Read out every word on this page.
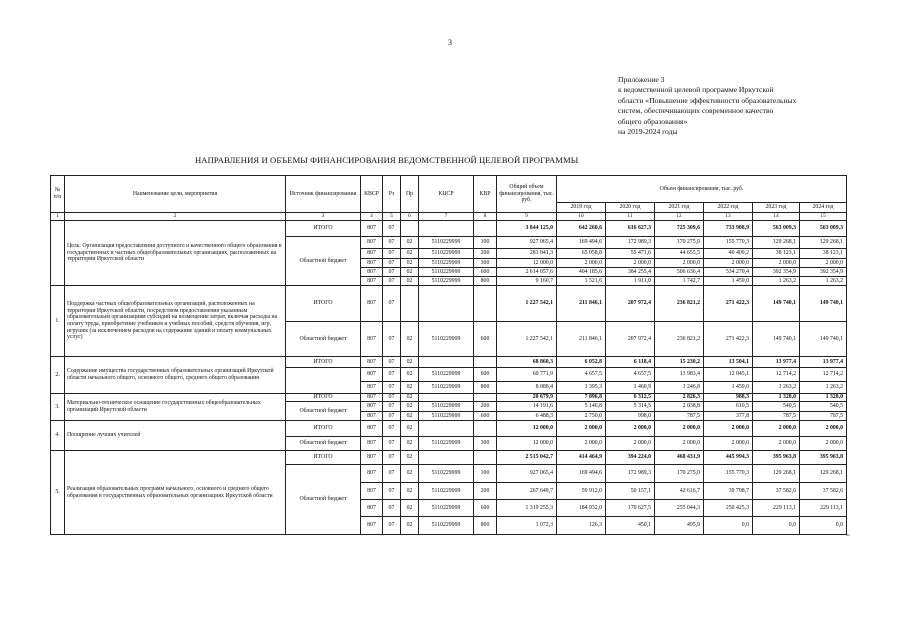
3
Приложение 3
к ведомственной целевой программе Иркутской
области «Повышение эффективности образовательных
систем, обеспечивающих современное качество
общего образования»
на 2019-2024 годы
НАПРАВЛЕНИЯ И ОБЪЕМЫ ФИНАНСИРОВАНИЯ ВЕДОМСТВЕННОЙ ЦЕЛЕВОЙ ПРОГРАММЫ
№ п/п	Наименование цели, мероприятия	Источник финансирования	КВСР	Рз	Пр	КЦСР	КВР	Общий объем финансирования, тыс. руб.	Объем финансирования, тыс. руб.					
									2019 год	2020 год	2021 год	2022 год	2023 год	2024 год
1	2	3	4	5	6	7	8	9	10	11	12	13	14	15
	Цель: Организация предоставления доступного и качественного общего образования в государственных и частных общеобразовательных организациях, расположенных на территории Иркутской области	ИТОГО	807	07				3 844 125,0	642 260,6	616 627,3	725 309,6	733 908,9	563 009,3	563 009,3
		Областной бюджет	807	07	02	5110229999	100	927 065,4	169 494,6	172 989,3	170 275,0	155 770,3	129 268,1	129 268,1
			807	07	02	5110229999	200	281 841,3	65 058,8	55 471,6	44 655,5	40 409,2	38 123,1	38 123,1
			807	07	02	5110229999	300	12 000,0	2 000,0	2 000,0	2 000,0	2 000,0	2 000,0	2 000,0
			807	07	02	5110229999	600	2 614 057,6	404 185,6	384 255,4	506 636,4	534 270,4	392 354,9	392 354,9
			807	07	02	5110229999	800	9 160,7	1 521,6	1 911,0	1 742,7	1 459,0	1 263,2	1 263,2
1.	Поддержка частных общеобразовательных организаций, расположенных на территории Иркутской области, посредством предоставления указанным образовательным организациям субсидий на возмещение затрат, включая расходы на оплату труда, приобретение учебников и учебных пособий, средств обучения, игр, игрушек (за исключением расходов на содержание зданий и оплату коммунальных услуг)	ИТОГО	807	07				1 227 542,1	211 846,1	207 972,4	236 821,2	271 422,3	149 740,1	149 740,1
		Областной бюджет	807	07	02	5110229999	600	1 227 542,1	211 846,1	207 972,4	236 821,2	271 422,3	149 740,1	149 740,1
2.	Содержание имущества государственных образовательных организаций Иркутской области начального общего, основного общего, среднего общего образования	ИТОГО	807	07	02			68 860,3	6 052,8	6 118,4	15 230,2	13 504,1	13 977,4	13 977,4
			807	07	02	5110229999	600	60 771,9	4 657,5	4 657,5	13 983,4	12 045,1	12 714,2	12 714,2
			807	07	02	5110229999	800	8 088,4	1 395,3	1 460,9	1 246,8	1 459,0	1 263,2	1 263,2
3.	Материально-техническое оснащение государственных общеобразовательных организаций Иркутской области	ИТОГО	807	07	02			20 679,9	7 896,8	6 312,5	2 826,3	988,3	1 328,0	1 328,0
		Областной бюджет	807	07	02	5110229999	200	14 191,6	5 146,8	5 314,5	2 038,8	610,5	540,5	540,5
			807	07	02	5110229999	600	6 488,3	2 750,0	998,0	787,5	377,8	787,5	787,5
4.	Поощрение лучших учителей	ИТОГО	807	07	02			12 000,0	2 000,0	2 000,0	2 000,0	2 000,0	2 000,0	2 000,0
		Областной бюджет	807	07	02	5110229999	300	12 000,0	2 000,0	2 000,0	2 000,0	2 000,0	2 000,0	2 000,0
5.	Реализация образовательных программ начального, основного и среднего общего образования в государственных образовательных организациях Иркутской области	ИТОГО	807	07	02			2 515 042,7	414 464,9	394 224,0	468 431,9	445 994,3	395 963,8	395 963,8
		Областной бюджет	807	07	02	5110229999	100	927 065,4	169 494,6	172 989,3	170 275,0	155 770,3	129 268,1	129 268,1
			807	07	02	5110229999	200	267 649,7	59 912,0	50 157,1	42 616,7	39 798,7	37 582,6	37 582,6
			807	07	02	5110229999	600	1 319 255,3	184 932,0	170 627,5	255 044,3	250 425,3	229 113,1	229 113,1
			807	07	02	5110229999	800	1 072,3	126,3	450,1	495,9	0,0	0,0	0,0
».
